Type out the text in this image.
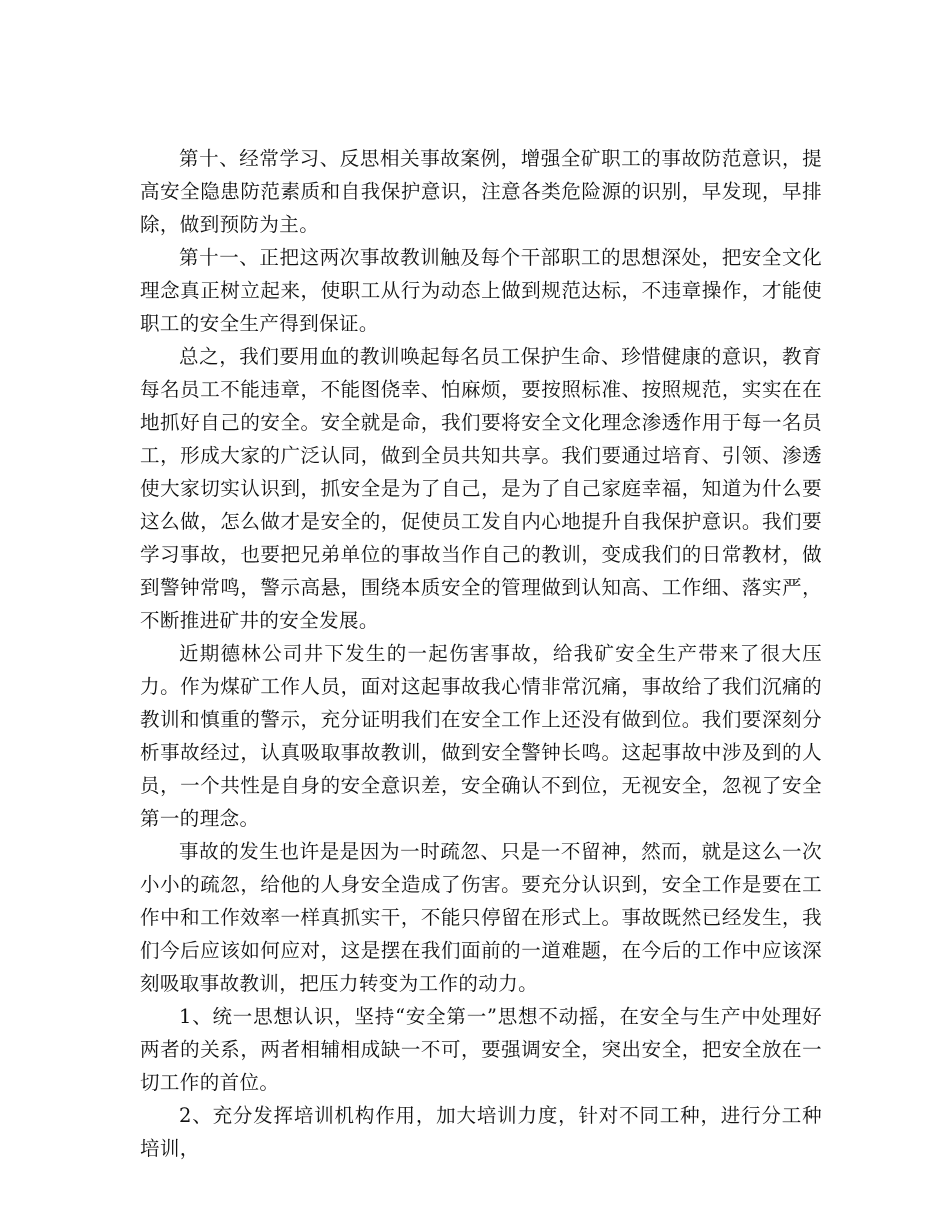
第十、经常学习、反思相关事故案例，增强全矿职工的事故防范意识，提高安全隐患防范素质和自我保护意识，注意各类危险源的识别，早发现，早排除，做到预防为主。

第十一、正把这两次事故教训触及每个干部职工的思想深处，把安全文化理念真正树立起来，使职工从行为动态上做到规范达标，不违章操作，才能使职工的安全生产得到保证。

总之，我们要用血的教训唤起每名员工保护生命、珍惜健康的意识，教育每名员工不能违章，不能图侥幸、怕麻烦，要按照标准、按照规范，实实在在地抓好自己的安全。安全就是命，我们要将安全文化理念渗透作用于每一名员工，形成大家的广泛认同，做到全员共知共享。我们要通过培育、引领、渗透使大家切实认识到，抓安全是为了自己，是为了自己家庭幸福，知道为什么要这么做，怎么做才是安全的，促使员工发自内心地提升自我保护意识。我们要学习事故，也要把兄弟单位的事故当作自己的教训，变成我们的日常教材，做到警钟常鸣，警示高悬，围绕本质安全的管理做到认知高、工作细、落实严，不断推进矿井的安全发展。

近期德林公司井下发生的一起伤害事故，给我矿安全生产带来了很大压力。作为煤矿工作人员，面对这起事故我心情非常沉痛，事故给了我们沉痛的教训和慎重的警示，充分证明我们在安全工作上还没有做到位。我们要深刻分析事故经过，认真吸取事故教训，做到安全警钟长鸣。这起事故中涉及到的人员，一个共性是自身的安全意识差，安全确认不到位，无视安全，忽视了安全第一的理念。

事故的发生也许是是因为一时疏忽、只是一不留神，然而，就是这么一次小小的疏忽，给他的人身安全造成了伤害。要充分认识到，安全工作是要在工作中和工作效率一样真抓实干，不能只停留在形式上。事故既然已经发生，我们今后应该如何应对，这是摆在我们面前的一道难题，在今后的工作中应该深刻吸取事故教训，把压力转变为工作的动力。

1、统一思想认识，坚持“安全第一”思想不动摇，在安全与生产中处理好两者的关系，两者相辅相成缺一不可，要强调安全，突出安全，把安全放在一切工作的首位。

2、充分发挥培训机构作用，加大培训力度，针对不同工种，进行分工种培训，
